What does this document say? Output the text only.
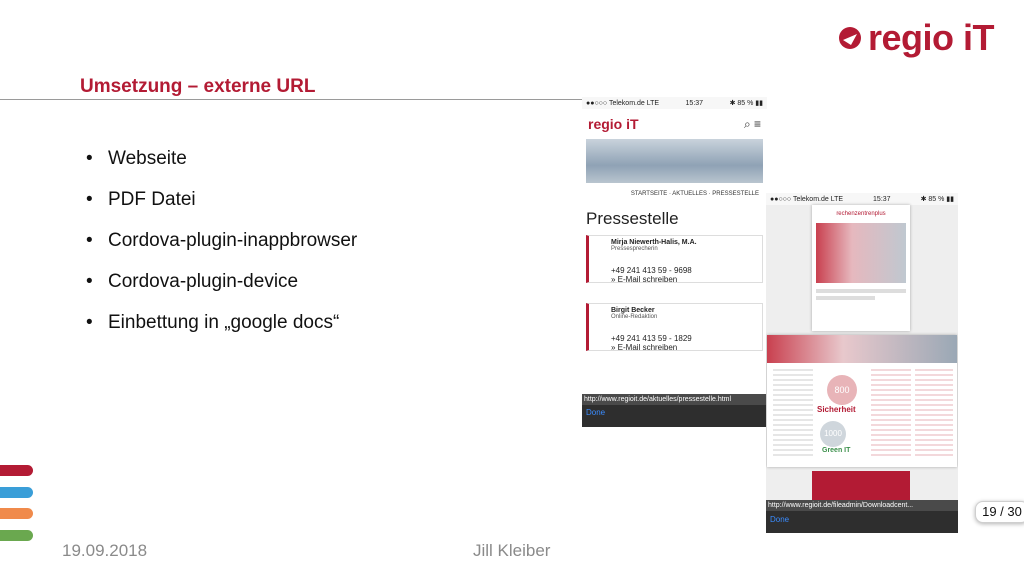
regio iT
Umsetzung – externe URL
• Webseite
• PDF Datei
• Cordova-plugin-inappbrowser
• Cordova-plugin-device
• Einbettung in „google docs“
●●○○○ Telekom.de LTE	15:37	✱ 85 % ▮▮
regio iT	⌕ ≡
STARTSEITE · AKTUELLES · PRESSESTELLE
Pressestelle
Mirja Niewerth-Halis, M.A.
Pressesprecherin
+49 241 413 59 - 9698
» E-Mail schreiben
Birgit Becker
Online-Redaktion
+49 241 413 59 - 1829
» E-Mail schreiben
http://www.regioit.de/aktuelles/pressestelle.html
Done
●●○○○ Telekom.de LTE	15:37	✱ 85 % ▮▮
rechenzentrenplus
800
Sicherheit
1000
Green IT
http://www.regioit.de/fileadmin/Downloadcent...
Done
19.09.2018	Jill Kleiber
19 / 30
